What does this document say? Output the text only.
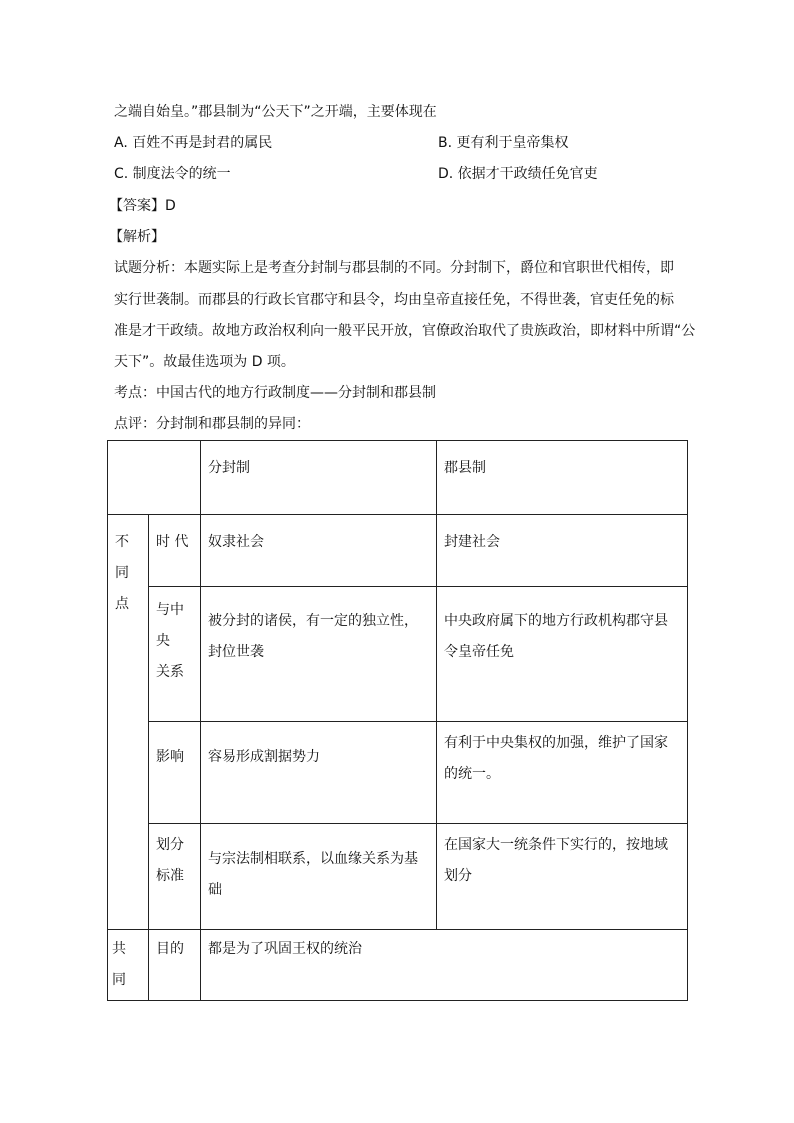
之端自始皇。”郡县制为“公天下”之开端，主要体现在
A. 百姓不再是封君的属民	B. 更有利于皇帝集权
C. 制度法令的统一	D. 依据才干政绩任免官吏
【答案】D
【解析】
试题分析：本题实际上是考查分封制与郡县制的不同。分封制下，爵位和官职世代相传，即
实行世袭制。而郡县的行政长官郡守和县令，均由皇帝直接任免，不得世袭，官吏任免的标
准是才干政绩。故地方政治权利向一般平民开放，官僚政治取代了贵族政治，即材料中所谓“公
天下”。故最佳选项为 D 项。
考点：中国古代的地方行政制度——分封制和郡县制
点评：分封制和郡县制的异同：
		分封制	郡县制

不
同
点	时 代	奴隶社会	封建社会

	与中
央
关系	被分封的诸侯，有一定的独立性，封位世袭	中央政府属下的地方行政机构郡守县令皇帝任免

	影响	容易形成割据势力	有利于中央集权的加强，维护了国家的统一。

	划分
标准	与宗法制相联系，以血缘关系为基础	在国家大一统条件下实行的，按地域划分

共
同	目的	都是为了巩固王权的统治	
